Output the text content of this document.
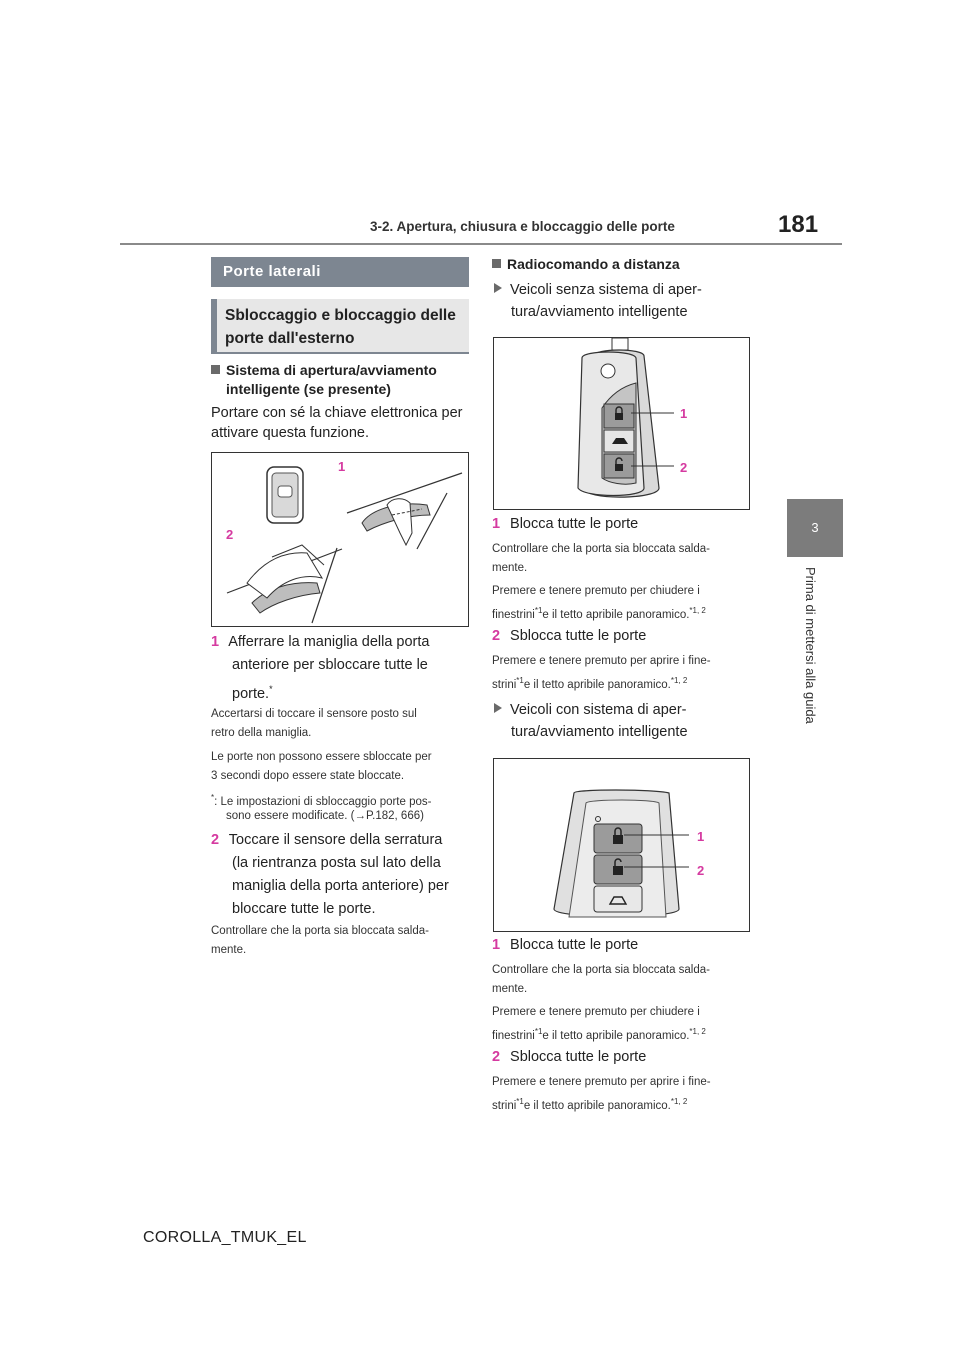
3-2. Apertura, chiusura e bloccaggio delle porte	181
3
Prima di mettersi alla guida
Porte laterali
Sbloccaggio e bloccaggio delle
porte dall'esterno
Sistema di apertura/avviamento
intelligente (se presente)
Portare con sé la chiave elettronica per
attivare questa funzione.
1
2
1 Afferrare la maniglia della porta
anteriore per sbloccare tutte le
porte.*
Accertarsi di toccare il sensore posto sul
retro della maniglia.
Le porte non possono essere sbloccate per
3 secondi dopo essere state bloccate.
*: Le impostazioni di sbloccaggio porte pos-
sono essere modificate. (→P.182, 666)
2 Toccare il sensore della serratura
(la rientranza posta sul lato della
maniglia della porta anteriore) per
bloccare tutte le porte.
Controllare che la porta sia bloccata salda-
mente.
Radiocomando a distanza
Veicoli senza sistema di aper-
tura/avviamento intelligente
1
2
1 Blocca tutte le porte
Controllare che la porta sia bloccata salda-
mente.
Premere e tenere premuto per chiudere i
finestrini$^{*1}$e il tetto apribile panoramico.$^{*1, 2}$
2 Sblocca tutte le porte
Premere e tenere premuto per aprire i fine-
strini$^{*1}$e il tetto apribile panoramico.$^{*1, 2}$
Veicoli con sistema di aper-
tura/avviamento intelligente
1
2
1 Blocca tutte le porte
Controllare che la porta sia bloccata salda-
mente.
Premere e tenere premuto per chiudere i
finestrini$^{*1}$e il tetto apribile panoramico.$^{*1, 2}$
2 Sblocca tutte le porte
Premere e tenere premuto per aprire i fine-
strini$^{*1}$e il tetto apribile panoramico.$^{*1, 2}$
COROLLA_TMUK_EL
